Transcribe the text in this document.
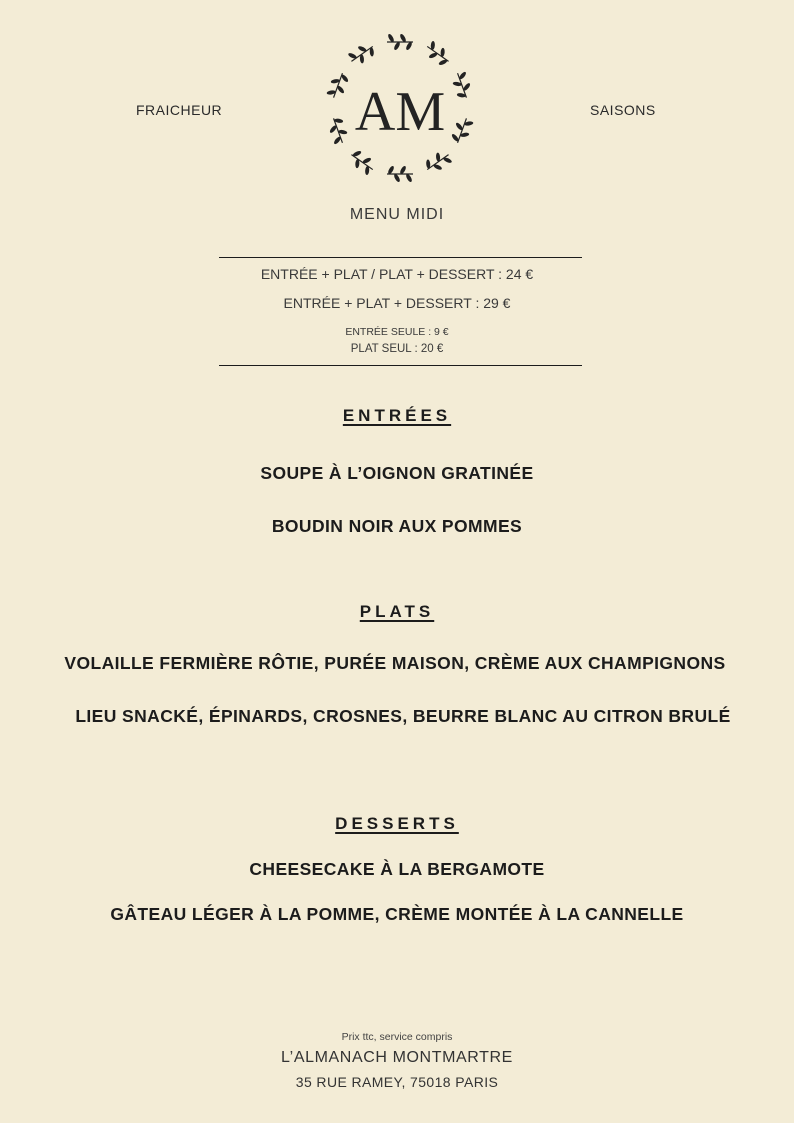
FRAICHEUR	SAISONS
AM
MENU MIDI
ENTRÉE + PLAT / PLAT + DESSERT : 24 €
ENTRÉE + PLAT + DESSERT : 29 €
ENTRÉE SEULE : 9 €
PLAT SEUL : 20 €
ENTRÉES
SOUPE À L’OIGNON GRATINÉE
BOUDIN NOIR AUX POMMES
PLATS
VOLAILLE FERMIÈRE RÔTIE, PURÉE MAISON, CRÈME AUX CHAMPIGNONS
LIEU SNACKÉ, ÉPINARDS, CROSNES, BEURRE BLANC AU CITRON BRULÉ
DESSERTS
CHEESECAKE À LA BERGAMOTE
GÂTEAU LÉGER À LA POMME, CRÈME MONTÉE À LA CANNELLE
Prix ttc, service compris
L’ALMANACH MONTMARTRE
35 RUE RAMEY, 75018 PARIS
